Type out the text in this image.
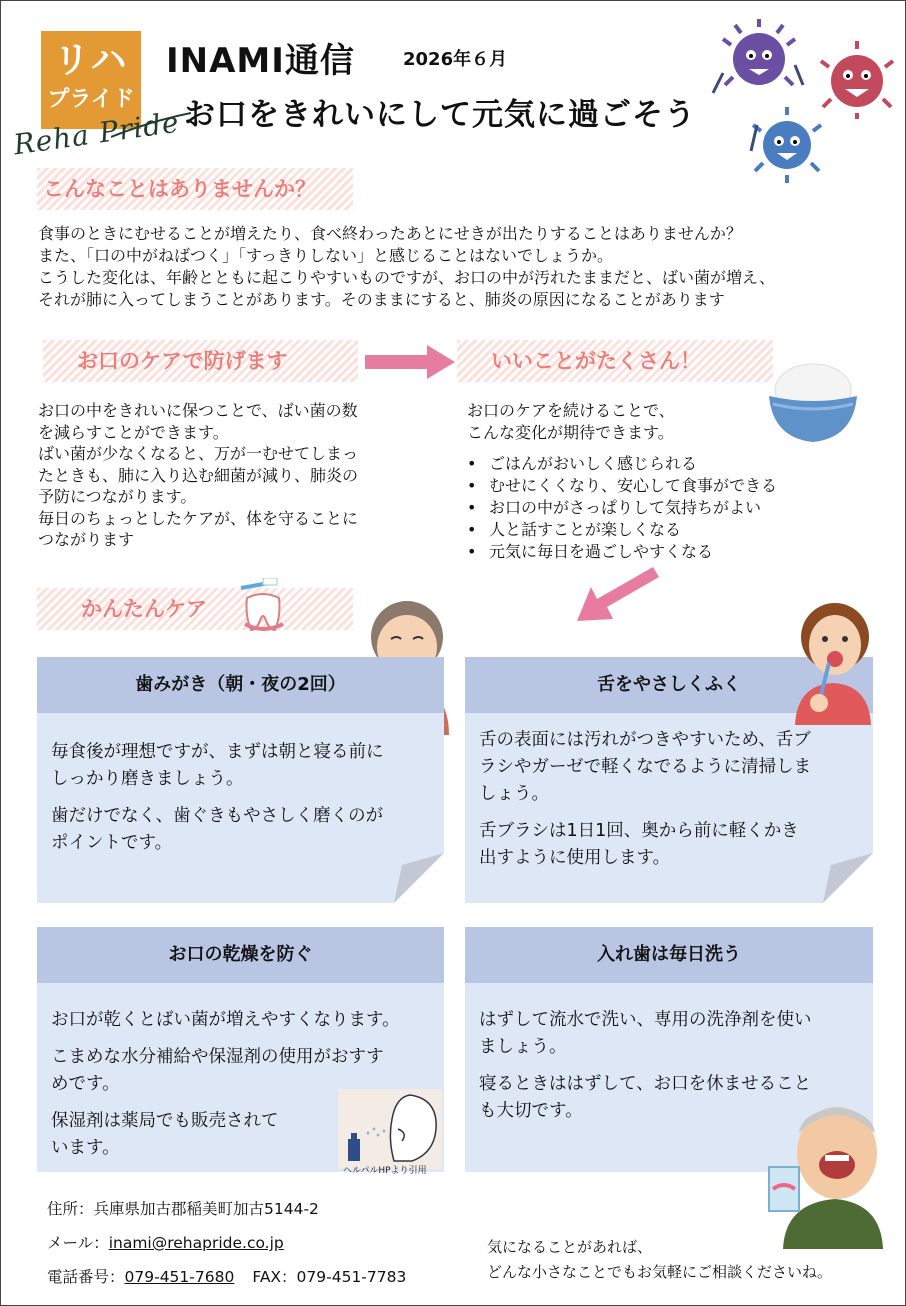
リハ
プライド
Reha Pride
INAMI通信	2026年６月
お口をきれいにして元気に過ごそう
こんなことはありませんか？

食事のときにむせることが増えたり、食べ終わったあとにせきが出たりすることはありませんか？

また、「口の中がねばつく」「すっきりしない」と感じることはないでしょうか。

こうした変化は、年齢とともに起こりやすいものですが、お口の中が汚れたままだと、ばい菌が増え、

それが肺に入ってしまうことがあります。そのままにすると、肺炎の原因になることがあります

お口のケアで防げます

お口の中をきれいに保つことで、ばい菌の数

を減らすことができます。

ばい菌が少なくなると、万が一むせてしまっ

たときも、肺に入り込む細菌が減り、肺炎の

予防につながります。

毎日のちょっとしたケアが、体を守ることに

つながります

いいことがたくさん！

お口のケアを続けることで、

こんな変化が期待できます。

• ごはんがおいしく感じられる
• むせにくくなり、安心して食事ができる
• お口の中がさっぱりして気持ちがよい
• 人と話すことが楽しくなる
• 元気に毎日を過ごしやすくなる
かんたんケア
歯みがき（朝・夜の2回）

毎食後が理想ですが、まずは朝と寝る前に
しっかり磨きましょう。

歯だけでなく、歯ぐきもやさしく磨くのが
ポイントです。

舌をやさしくふく

舌の表面には汚れがつきやすいため、舌ブ
ラシやガーゼで軽くなでるように清掃しま
しょう。

舌ブラシは1日1回、奥から前に軽くかき
出すように使用します。

お口の乾燥を防ぐ

お口が乾くとばい菌が増えやすくなります。

こまめな水分補給や保湿剤の使用がおすす
めです。

保湿剤は薬局でも販売されて
います。

ヘルパルHPより引用
入れ歯は毎日洗う

はずして流水で洗い、専用の洗浄剤を使い
ましょう。

寝るときははずして、お口を休ませること
も大切です。

住所：兵庫県加古郡稲美町加古5144-2
メール：inami@rehapride.co.jp
電話番号：079-451-7680 FAX：079-451-7783
気になることがあれば、
どんな小さなことでもお気軽にご相談くださいね。
